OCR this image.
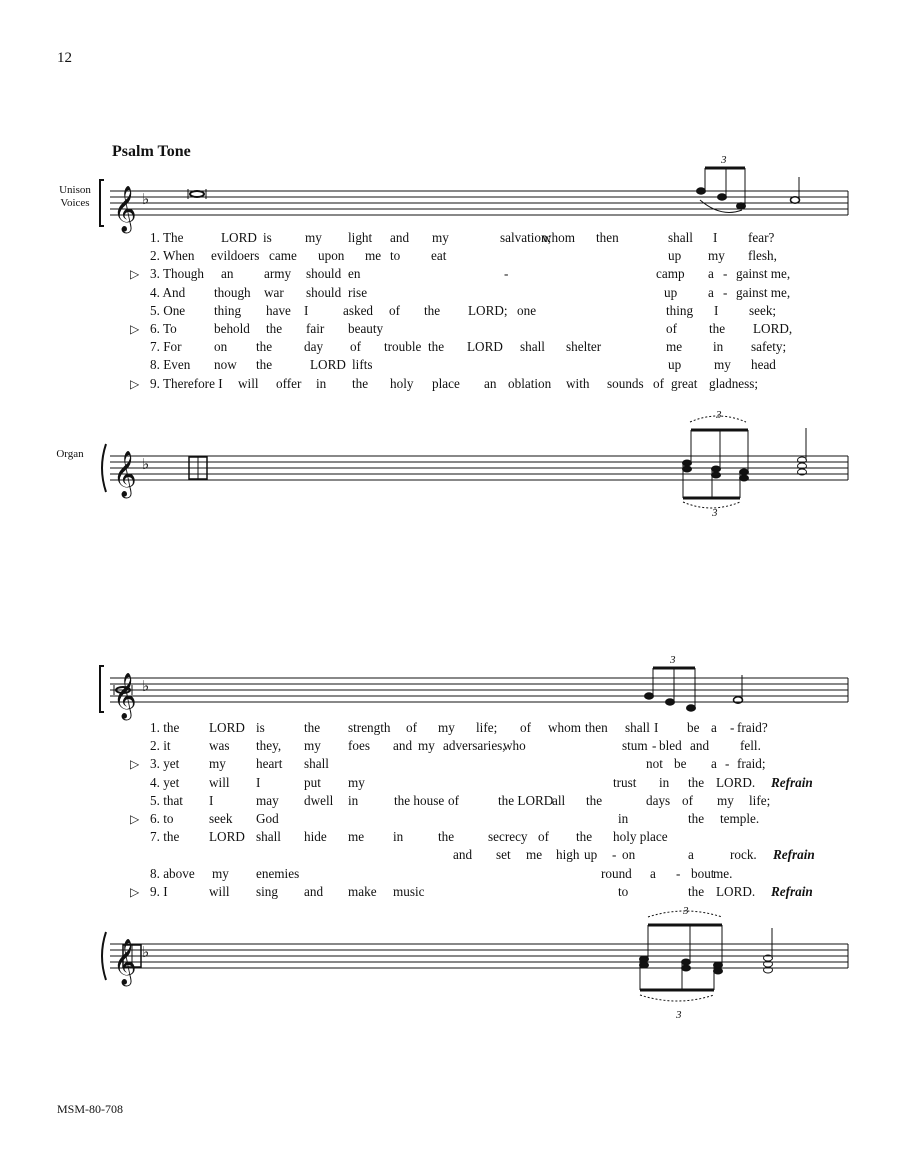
12
Psalm Tone
Unison Voices
Organ
𝄞
𝄞
𝄞
𝄞
♭
♭
♭
♭
3
3
3
3
3
3
1. The	LORD is	my light and my	salvation;
whom then	shall I fear?
2. When evildoers came upon me to eat	up my flesh,
▷ 3. Though an army should en	-	camp a - gainst me,
4. And though war should rise	up a - gainst me,
5. One thing have I	asked of the LORD; one	thing I seek;
▷ 6. To	behold the fair beauty	of the LORD,
7. For on the day of trouble the LORD shall shelter	me in safety;
8. Even now the	LORD lifts	up my head
▷ 9. Therefore I will offer in the holy place an oblation with sounds of great gladness;
1. the LORD is	the strength of my life; of whom then shall I be a - fraid?
2. it	was they, my foes and my adversaries,
who	stum - bled and fell.
▷ 3. yet my heart shall	not be a - fraid;
4. yet will I	put my	trust in the LORD. Refrain
5. that I	may dwell in	the house of	the LORD
all the	days of my life;
▷ 6. to	seek God	in	the temple.
7. the LORD shall hide me in	the	secrecy of the holy place
and set me high up - on	a	rock. Refrain
8. above my enemies	round a - bout
me.
▷ 9. I	will sing and make music	to	the LORD. Refrain
MSM-80-708
